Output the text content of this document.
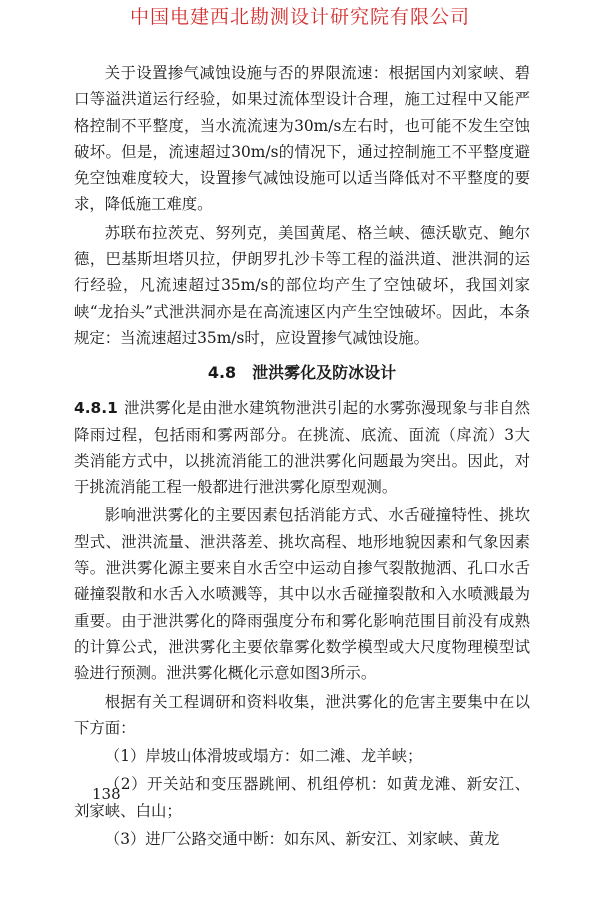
中国电建西北勘测设计研究院有限公司

关于设置掺气减蚀设施与否的界限流速：根据国内刘家峡、碧口等溢洪道运行经验，如果过流体型设计合理，施工过程中又能严格控制不平整度，当水流流速为30m/s左右时，也可能不发生空蚀破坏。但是，流速超过30m/s的情况下，通过控制施工不平整度避免空蚀难度较大，设置掺气减蚀设施可以适当降低对不平整度的要求，降低施工难度。

苏联布拉茨克、努列克，美国黄尾、格兰峡、德沃歇克、鲍尔德，巴基斯坦塔贝拉，伊朗罗扎沙卡等工程的溢洪道、泄洪洞的运行经验，凡流速超过35m/s的部位均产生了空蚀破坏，我国刘家峡“龙抬头”式泄洪洞亦是在高流速区内产生空蚀破坏。因此，本条规定：当流速超过35m/s时，应设置掺气减蚀设施。

4.8 泄洪雾化及防冰设计

4.8.1 泄洪雾化是由泄水建筑物泄洪引起的水雾弥漫现象与非自然降雨过程，包括雨和雾两部分。在挑流、底流、面流（戽流）3大类消能方式中，以挑流消能工的泄洪雾化问题最为突出。因此，对于挑流消能工程一般都进行泄洪雾化原型观测。

影响泄洪雾化的主要因素包括消能方式、水舌碰撞特性、挑坎型式、泄洪流量、泄洪落差、挑坎高程、地形地貌因素和气象因素等。泄洪雾化源主要来自水舌空中运动自掺气裂散抛洒、孔口水舌碰撞裂散和水舌入水喷溅等，其中以水舌碰撞裂散和入水喷溅最为重要。由于泄洪雾化的降雨强度分布和雾化影响范围目前没有成熟的计算公式，泄洪雾化主要依靠雾化数学模型或大尺度物理模型试验进行预测。泄洪雾化概化示意如图3所示。

根据有关工程调研和资料收集，泄洪雾化的危害主要集中在以下方面：

（1）岸坡山体滑坡或塌方：如二滩、龙羊峡；

（2）开关站和变压器跳闸、机组停机：如黄龙滩、新安江、刘家峡、白山；

（3）进厂公路交通中断：如东风、新安江、刘家峡、黄龙

138
